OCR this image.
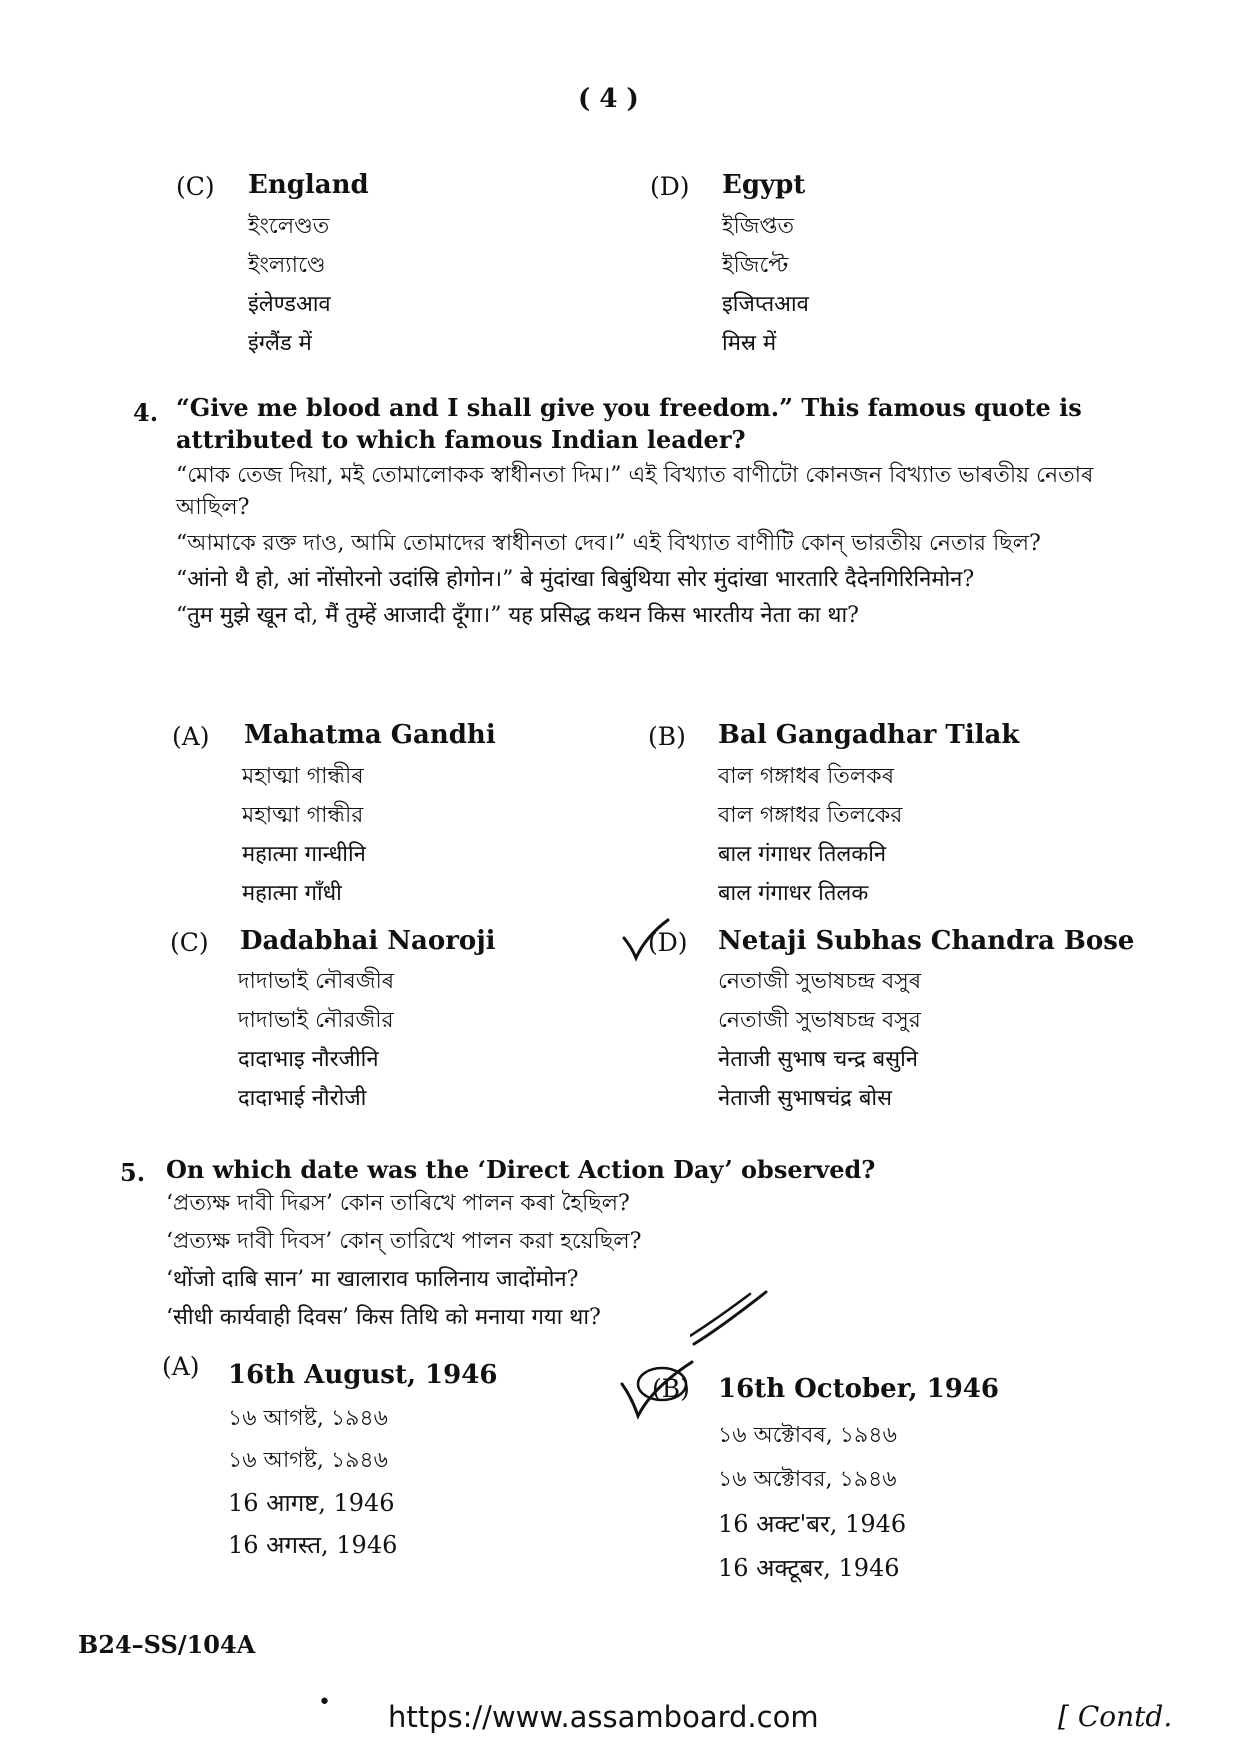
( 4 )
(C) England
ইংলেণ্ডত
ইংল্যাণ্ডে
इंलेण्डआव
इंग्लैंड में
(D) Egypt
ইজিপ্তত
ইজিপ্টে
इजिप्तआव
मिस्र में
4. “Give me blood and I shall give you freedom.” This famous quote is attributed to which famous Indian leader?
“মোক তেজ দিয়া, মই তোমালোকক স্বাধীনতা দিম।” এই বিখ্যাত বাণীটো কোনজন বিখ্যাত ভাৰতীয় নেতাৰ আছিল?
“আমাকে রক্ত দাও, আমি তোমাদের স্বাধীনতা দেব।” এই বিখ্যাত বাণীটি কোন্ ভারতীয় নেতার ছিল?
“आंनो थै हो, आं नोंसोरनो उदांस्रि होगोन।” बे मुंदांखा बिबुंथिया सोर मुंदांखा भारतारि दैदेनगिरिनिमोन?
“तुम मुझे खून दो, मैं तुम्हें आजादी दूँगा।” यह प्रसिद्ध कथन किस भारतीय नेता का था?
(A) Mahatma Gandhi
মহাত্মা গান্ধীৰ
মহাত্মা গান্ধীর
महात्मा गान्धीनि
महात्मा गाँधी
(B) Bal Gangadhar Tilak
বাল গঙ্গাধৰ তিলকৰ
বাল গঙ্গাধর তিলকের
बाल गंगाधर तिलकनि
बाल गंगाधर तिलक
(C) Dadabhai Naoroji
দাদাভাই নৌৰজীৰ
দাদাভাই নৌরজীর
दादाभाइ नौरजीनि
दादाभाई नौरोजी
(D) Netaji Subhas Chandra Bose
নেতাজী সুভাষচন্দ্ৰ বসুৰ
নেতাজী সুভাষচন্দ্র বসুর
नेताजी सुभाष चन्द्र बसुनि
नेताजी सुभाषचंद्र बोस
5. On which date was the ‘Direct Action Day’ observed?
‘প্ৰত্যক্ষ দাবী দিৱস’ কোন তাৰিখে পালন কৰা হৈছিল?
‘প্রত্যক্ষ দাবী দিবস’ কোন্ তারিখে পালন করা হয়েছিল?
‘थोंजो दाबि सान’ मा खालाराव फालिनाय जादोंमोन?
‘सीधी कार्यवाही दिवस’ किस तिथि को मनाया गया था?
(A) 16th August, 1946
১৬ আগষ্ট, ১৯৪৬
১৬ আগষ্ট, ১৯৪৬
16 आगष्ट, 1946
16 अगस्त, 1946
(B) 16th October, 1946
১৬ অক্টোবৰ, ১৯৪৬
১৬ অক্টোবর, ১৯৪৬
16 अक्ट'बर, 1946
16 अक्टूबर, 1946
B24–SS/104A
• https://www.assamboard.com	[ Contd.
